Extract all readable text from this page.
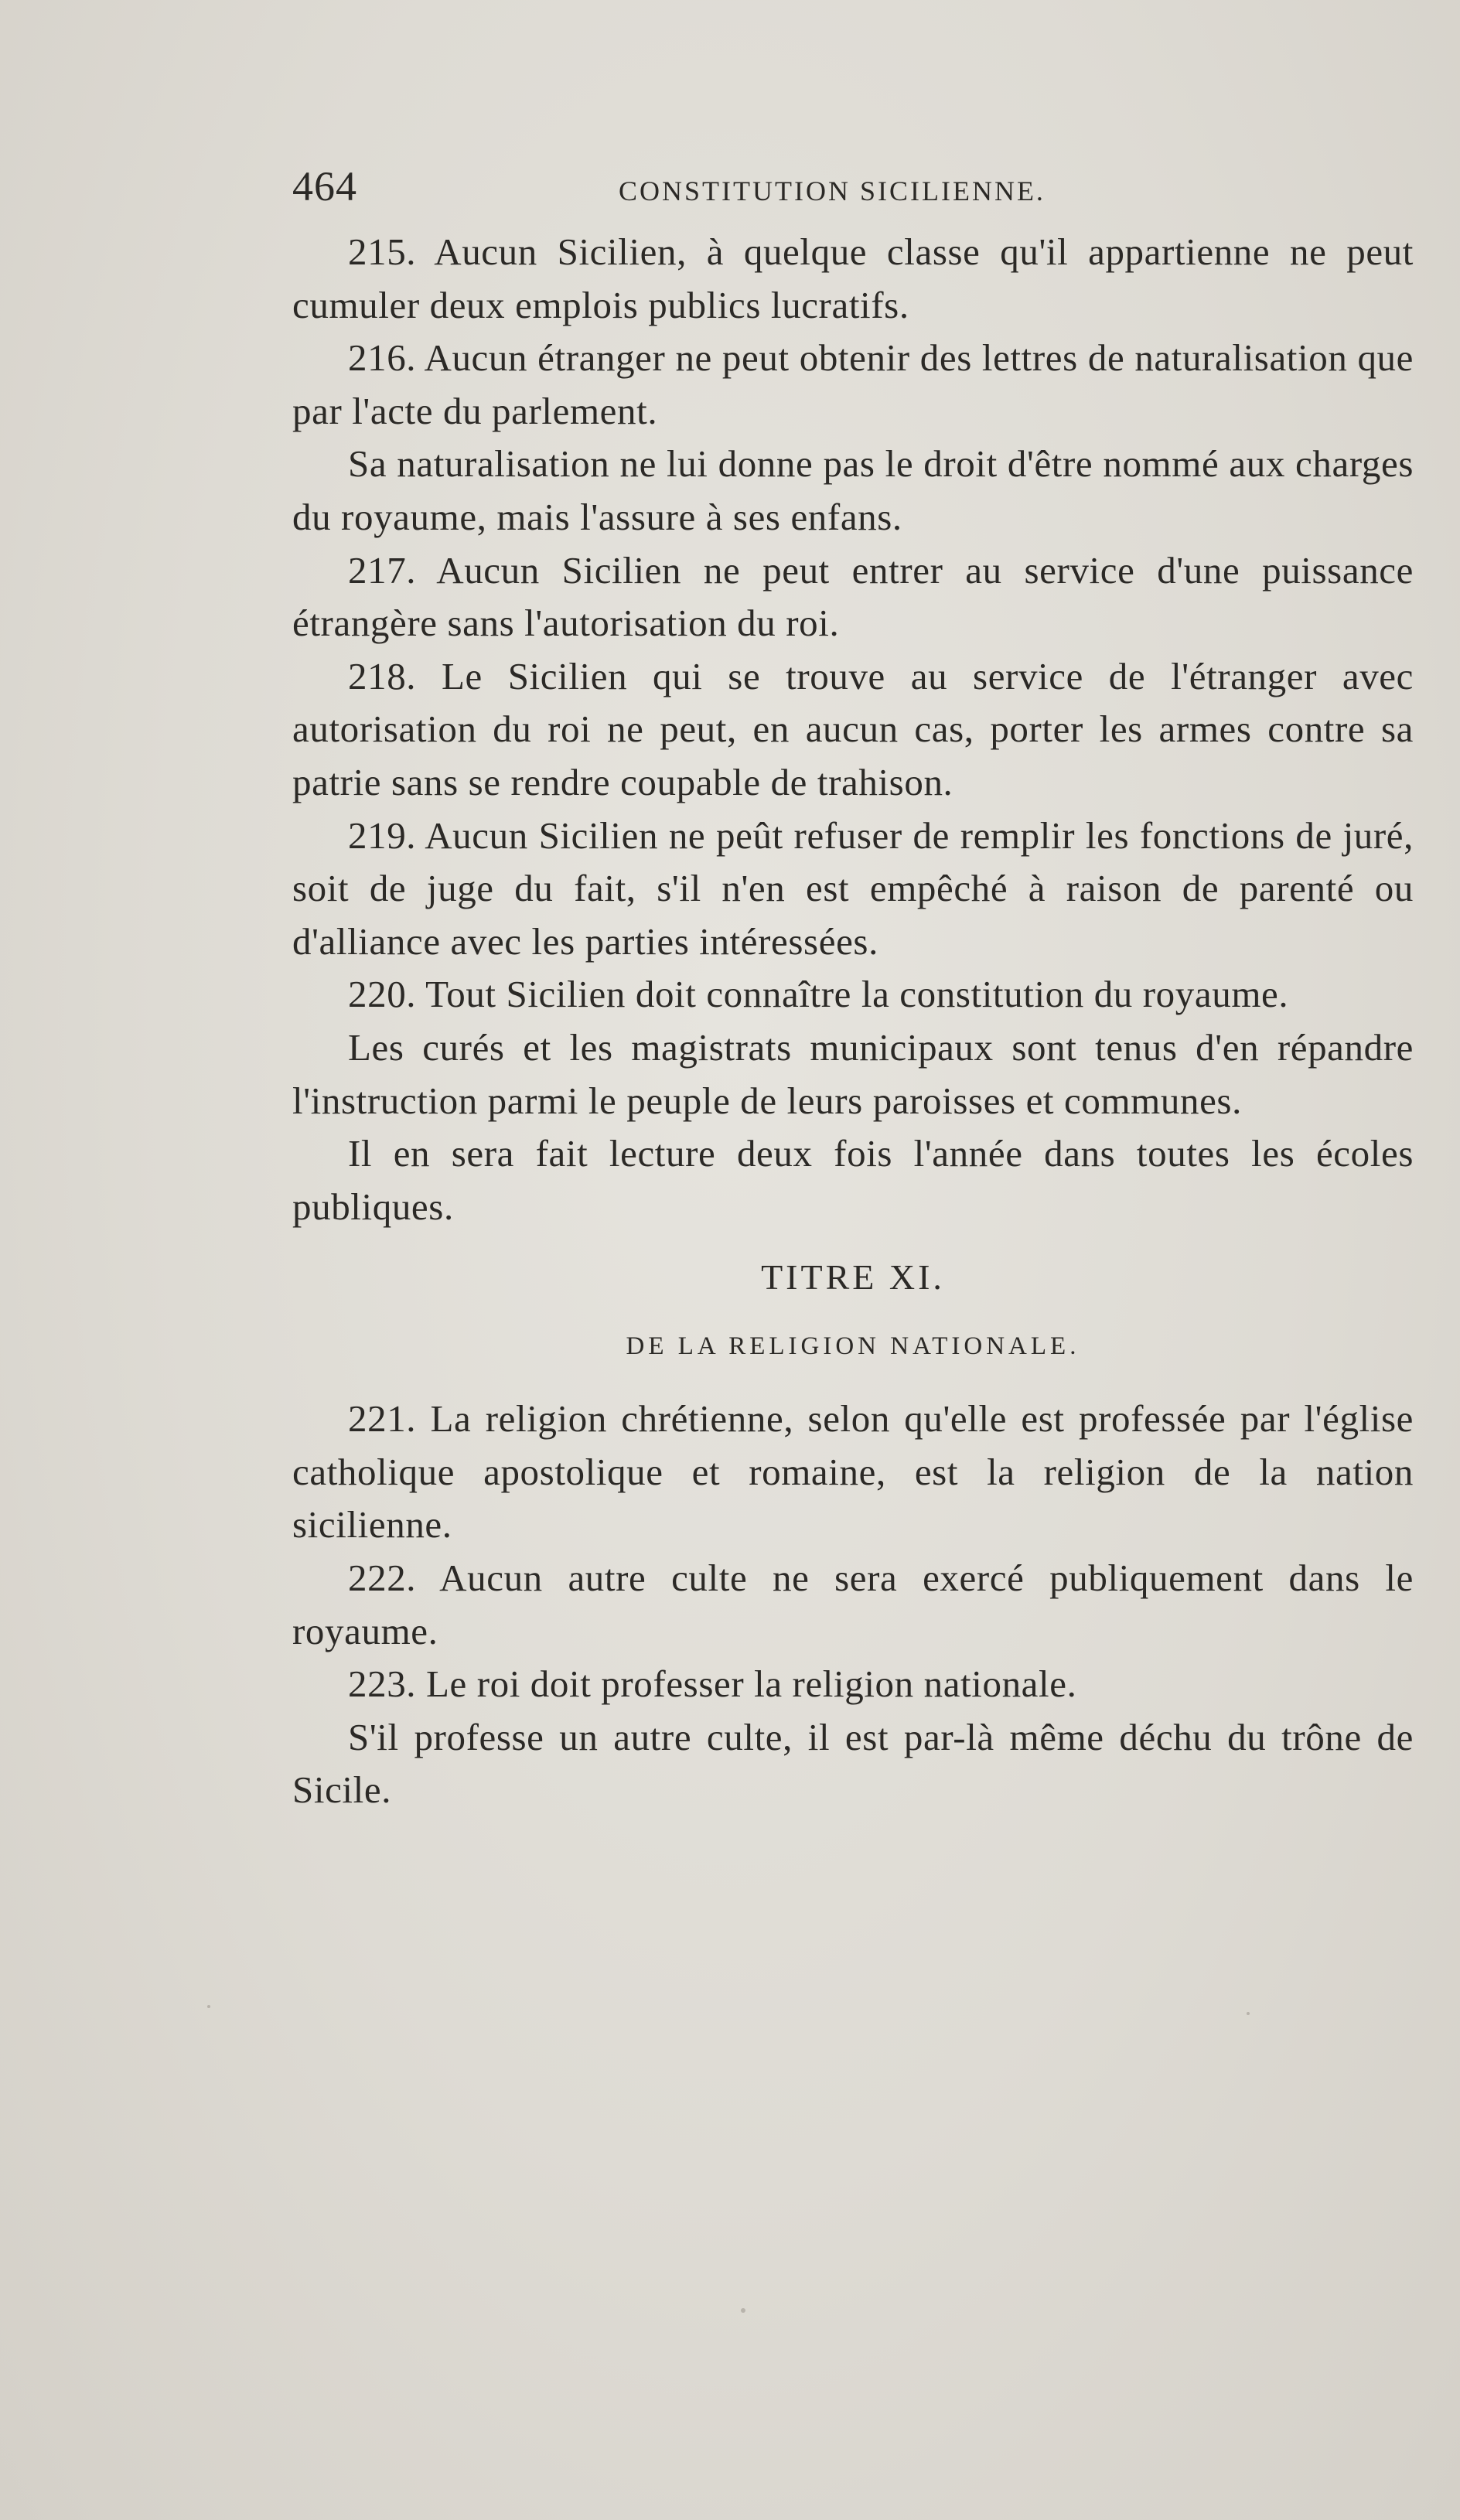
464	CONSTITUTION SICILIENNE.

215. Aucun Sicilien, à quelque classe qu'il appartienne ne peut cumuler deux emplois publics lucratifs.

216. Aucun étranger ne peut obtenir des lettres de naturalisation que par l'acte du parlement.

Sa naturalisation ne lui donne pas le droit d'être nommé aux charges du royaume, mais l'assure à ses enfans.

217. Aucun Sicilien ne peut entrer au service d'une puissance étrangère sans l'autorisation du roi.

218. Le Sicilien qui se trouve au service de l'étranger avec autorisation du roi ne peut, en aucun cas, porter les armes contre sa patrie sans se rendre coupable de trahison.

219. Aucun Sicilien ne peût refuser de remplir les fonctions de juré, soit de juge du fait, s'il n'en est empêché à raison de parenté ou d'alliance avec les parties intéressées.

220. Tout Sicilien doit connaître la constitution du royaume.

Les curés et les magistrats municipaux sont tenus d'en répandre l'instruction parmi le peuple de leurs paroisses et communes.

Il en sera fait lecture deux fois l'année dans toutes les écoles publiques.

TITRE XI.
DE LA RELIGION NATIONALE.

221. La religion chrétienne, selon qu'elle est professée par l'église catholique apostolique et romaine, est la religion de la nation sicilienne.

222. Aucun autre culte ne sera exercé publiquement dans le royaume.

223. Le roi doit professer la religion nationale.

S'il professe un autre culte, il est par-là même déchu du trône de Sicile.
